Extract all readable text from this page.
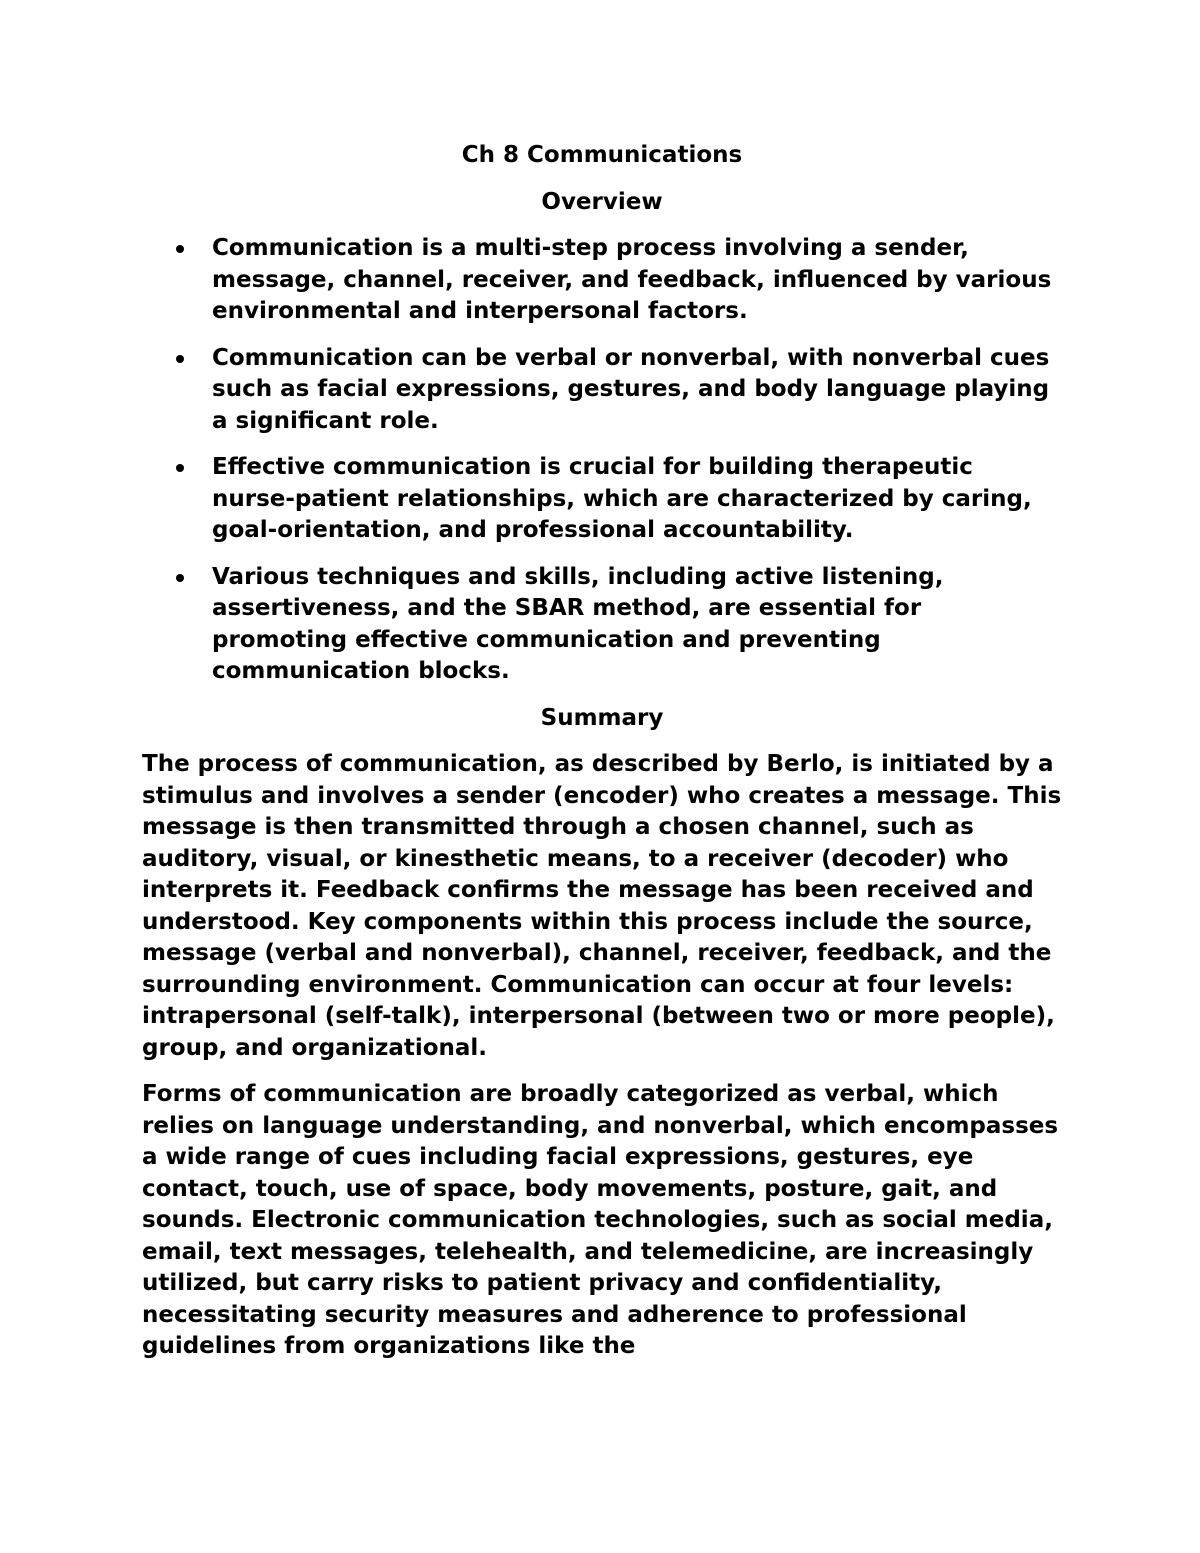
Ch 8 Communications
Overview
Communication is a multi-step process involving a sender, message, channel, receiver, and feedback, influenced by various environmental and interpersonal factors.
Communication can be verbal or nonverbal, with nonverbal cues such as facial expressions, gestures, and body language playing a significant role.
Effective communication is crucial for building therapeutic nurse-patient relationships, which are characterized by caring, goal-orientation, and professional accountability.
Various techniques and skills, including active listening, assertiveness, and the SBAR method, are essential for promoting effective communication and preventing communication blocks.
Summary

The process of communication, as described by Berlo, is initiated by a stimulus and involves a sender (encoder) who creates a message. This message is then transmitted through a chosen channel, such as auditory, visual, or kinesthetic means, to a receiver (decoder) who interprets it. Feedback confirms the message has been received and understood. Key components within this process include the source, message (verbal and nonverbal), channel, receiver, feedback, and the surrounding environment. Communication can occur at four levels: intrapersonal (self-talk), interpersonal (between two or more people), group, and organizational.

Forms of communication are broadly categorized as verbal, which relies on language understanding, and nonverbal, which encompasses a wide range of cues including facial expressions, gestures, eye contact, touch, use of space, body movements, posture, gait, and sounds. Electronic communication technologies, such as social media, email, text messages, telehealth, and telemedicine, are increasingly utilized, but carry risks to patient privacy and confidentiality, necessitating security measures and adherence to professional guidelines from organizations like the
